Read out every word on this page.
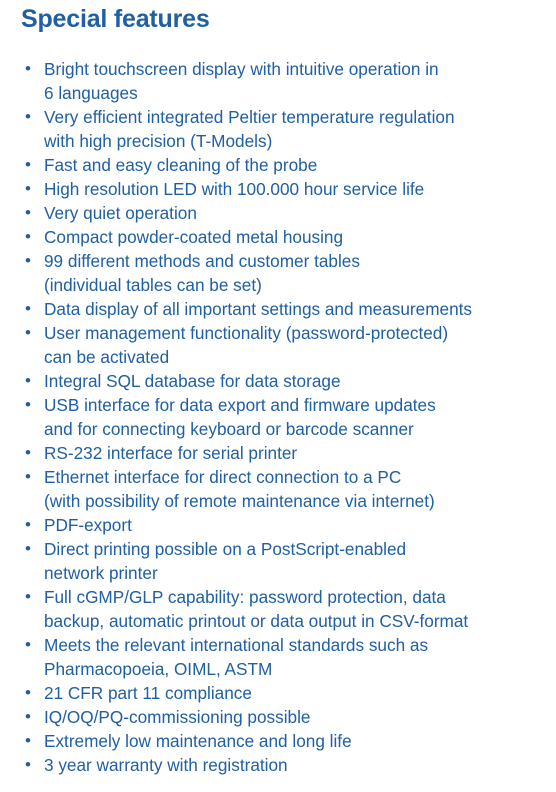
Special features
• Bright touchscreen display with intuitive operation in
6 languages
• Very efficient integrated Peltier temperature regulation
with high precision (T-Models)
• Fast and easy cleaning of the probe
• High resolution LED with 100.000 hour service life
• Very quiet operation
• Compact powder-coated metal housing
• 99 different methods and customer tables
(individual tables can be set)
• Data display of all important settings and measurements
• User management functionality (password-protected)
can be activated
• Integral SQL database for data storage
• USB interface for data export and firmware updates
and for connecting keyboard or barcode scanner
• RS-232 interface for serial printer
• Ethernet interface for direct connection to a PC
(with possibility of remote maintenance via internet)
• PDF-export
• Direct printing possible on a PostScript-enabled
network printer
• Full cGMP/GLP capability: password protection, data
backup, automatic printout or data output in CSV-format
• Meets the relevant international standards such as
Pharmacopoeia, OIML, ASTM
• 21 CFR part 11 compliance
• IQ/OQ/PQ-commissioning possible
• Extremely low maintenance and long life
• 3 year warranty with registration
